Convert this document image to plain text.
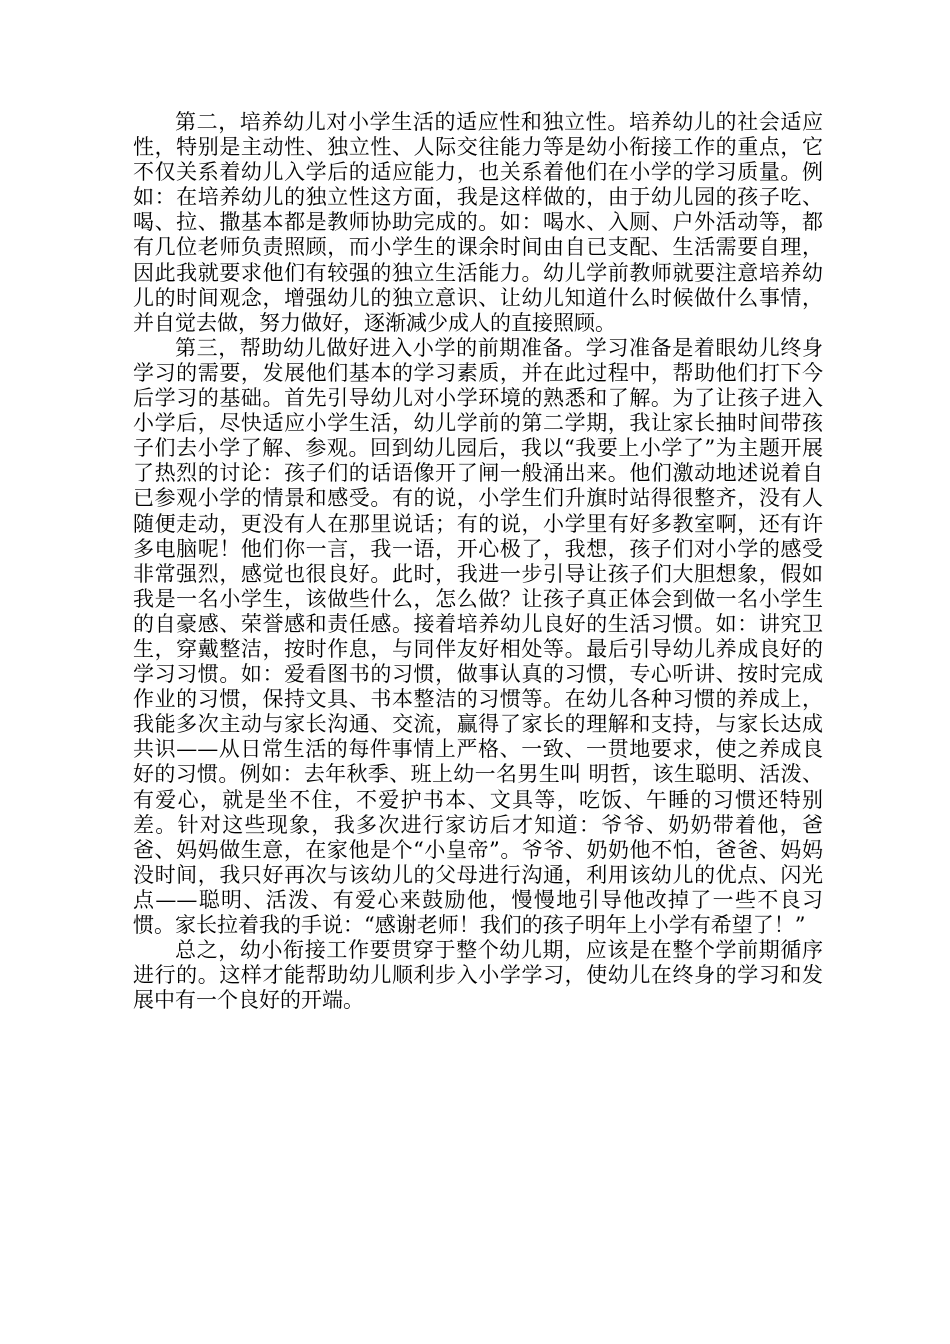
第二，培养幼儿对小学生活的适应性和独立性。培养幼儿的社会适应性，特别是主动性、独立性、人际交往能力等是幼小衔接工作的重点，它不仅关系着幼儿入学后的适应能力，也关系着他们在小学的学习质量。例如：在培养幼儿的独立性这方面，我是这样做的，由于幼儿园的孩子吃、喝、拉、撒基本都是教师协助完成的。如：喝水、入厕、户外活动等，都有几位老师负责照顾，而小学生的课余时间由自已支配、生活需要自理，因此我就要求他们有较强的独立生活能力。幼儿学前教师就要注意培养幼儿的时间观念，增强幼儿的独立意识、让幼儿知道什么时候做什么事情，并自觉去做，努力做好，逐渐减少成人的直接照顾。

第三，帮助幼儿做好进入小学的前期准备。学习准备是着眼幼儿终身学习的需要，发展他们基本的学习素质，并在此过程中，帮助他们打下今后学习的基础。首先引导幼儿对小学环境的熟悉和了解。为了让孩子进入小学后，尽快适应小学生活，幼儿学前的第二学期，我让家长抽时间带孩子们去小学了解、参观。回到幼儿园后，我以“我要上小学了”为主题开展了热烈的讨论：孩子们的话语像开了闸一般涌出来。他们激动地述说着自已参观小学的情景和感受。有的说，小学生们升旗时站得很整齐，没有人随便走动，更没有人在那里说话；有的说，小学里有好多教室啊，还有许多电脑呢！他们你一言，我一语，开心极了，我想，孩子们对小学的感受非常强烈，感觉也很良好。此时，我进一步引导让孩子们大胆想象，假如我是一名小学生，该做些什么，怎么做？让孩子真正体会到做一名小学生的自豪感、荣誉感和责任感。接着培养幼儿良好的生活习惯。如：讲究卫生，穿戴整洁，按时作息，与同伴友好相处等。最后引导幼儿养成良好的学习习惯。如：爱看图书的习惯，做事认真的习惯，专心听讲、按时完成作业的习惯，保持文具、书本整洁的习惯等。在幼儿各种习惯的养成上，我能多次主动与家长沟通、交流，赢得了家长的理解和支持，与家长达成共识——从日常生活的每件事情上严格、一致、一贯地要求，使之养成良好的习惯。例如：去年秋季、班上幼一名男生叫 明哲，该生聪明、活泼、有爱心，就是坐不住，不爱护书本、文具等，吃饭、午睡的习惯还特别差。针对这些现象，我多次进行家访后才知道：爷爷、奶奶带着他，爸爸、妈妈做生意，在家他是个“小皇帝”。爷爷、奶奶他不怕，爸爸、妈妈没时间，我只好再次与该幼儿的父母进行沟通，利用该幼儿的优点、闪光点——聪明、活泼、有爱心来鼓励他，慢慢地引导他改掉了一些不良习惯。家长拉着我的手说：“感谢老师！我们的孩子明年上小学有希望了！”

总之，幼小衔接工作要贯穿于整个幼儿期，应该是在整个学前期循序进行的。这样才能帮助幼儿顺利步入小学学习，使幼儿在终身的学习和发展中有一个良好的开端。
